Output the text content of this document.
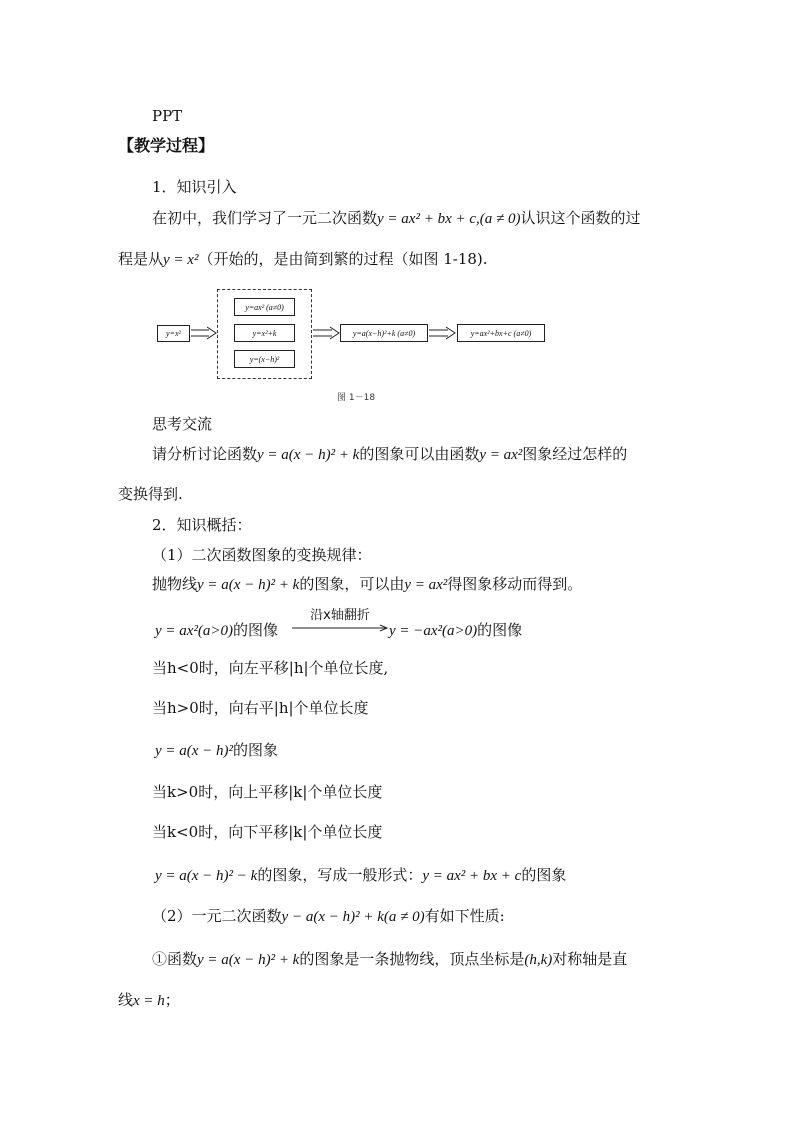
PPT
【教学过程】
1．知识引入
在初中，我们学习了一元二次函数y = ax² + bx + c,(a ≠ 0)认识这个函数的过
程是从y = x²（开始的，是由简到繁的过程（如图 1-18).
y=x²
y=ax² (a≠0)
y=x²+k
y=(x−h)²
y=a(x−h)²+k (a≠0)	y=ax²+bx+c (a≠0)
图 1－18
思考交流
请分析讨论函数y = a(x − h)² + k的图象可以由函数y = ax²图象经过怎样的
变换得到.
2．知识概括：
（1）二次函数图象的变换规律：
抛物线y = a(x − h)² + k的图象，可以由y = ax²得图象移动而得到。
y = ax²(a>0)的图像
沿x轴翻折
y = −ax²(a>0)的图像
当h<0时，向左平移|h|个单位长度,
当h>0时，向右平|h|个单位长度
y = a(x − h)²的图象
当k>0时，向上平移|k|个单位长度
当k<0时，向下平移|k|个单位长度
y = a(x − h)² − k的图象，写成一般形式：y = ax² + bx + c的图象
（2）一元二次函数y − a(x − h)² + k(a ≠ 0)有如下性质:
①函数y = a(x − h)² + k的图象是一条抛物线，顶点坐标是(h,k)对称轴是直
线x = h；
